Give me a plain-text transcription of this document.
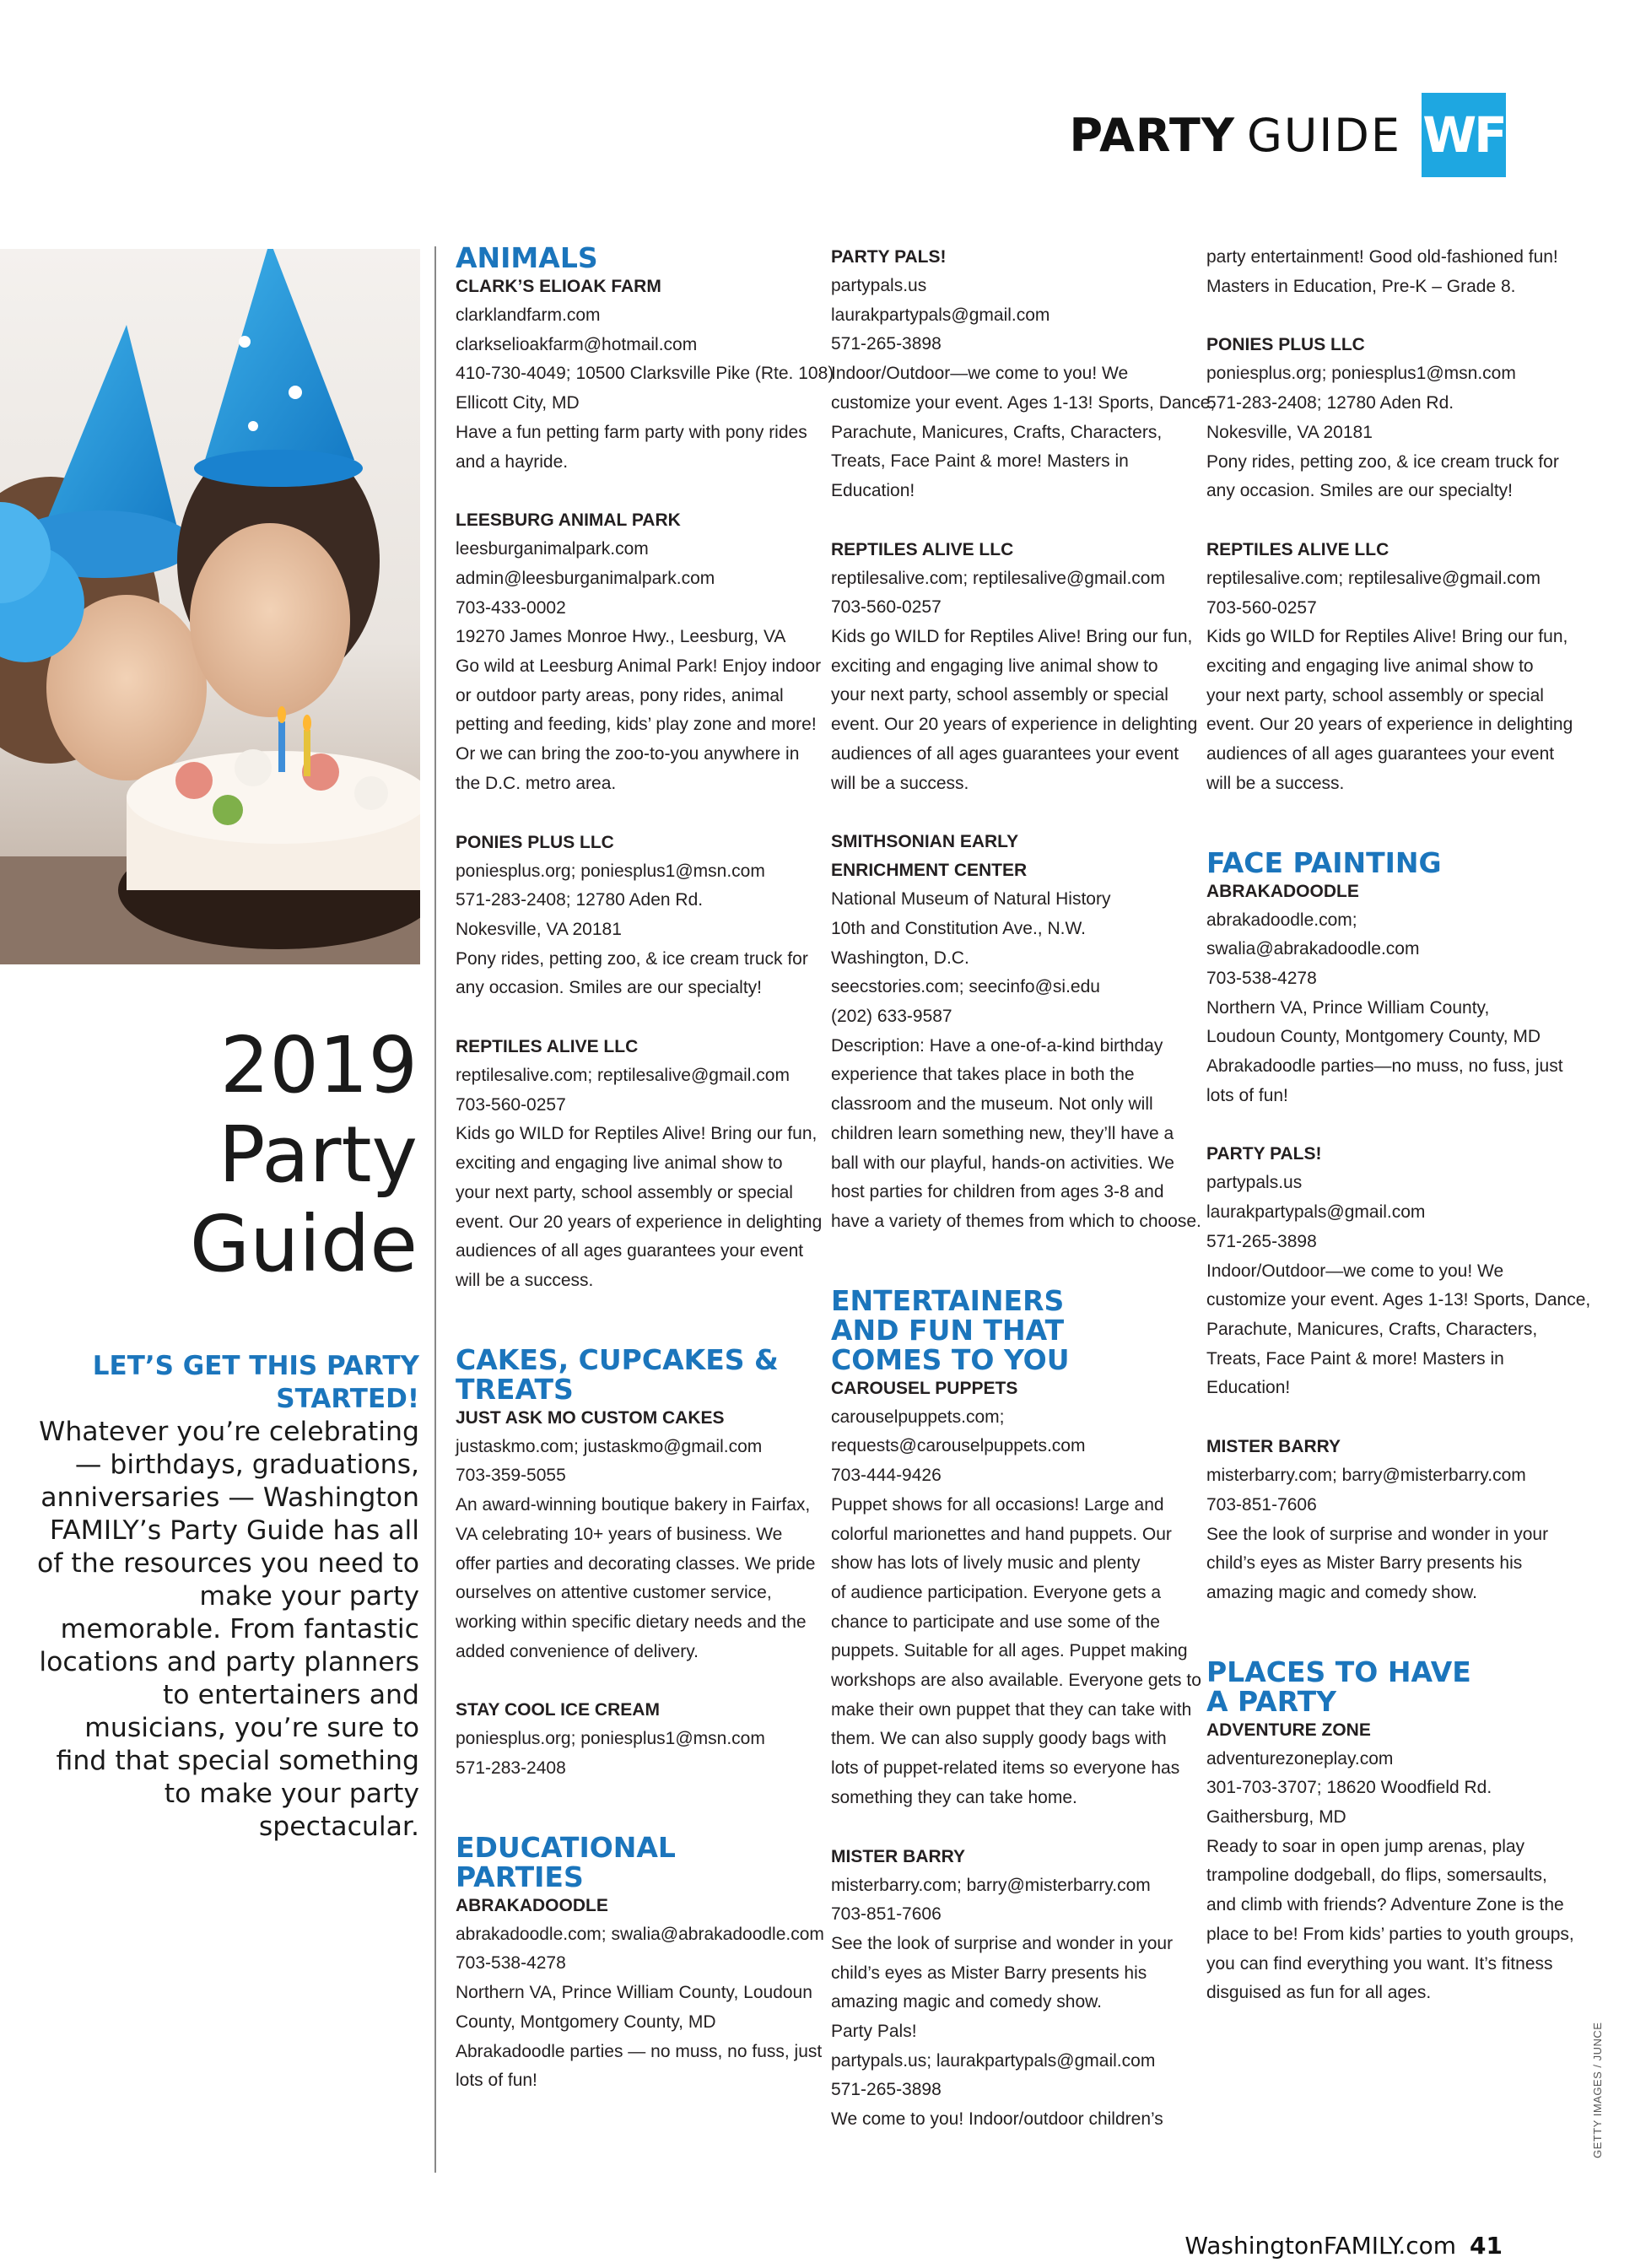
PARTY GUIDE WF
2019 Party Guide
LET’S GET THIS PARTY STARTED!
Whatever you’re celebrating — birthdays, graduations, anniversaries — Washington FAMILY’s Party Guide has all of the resources you need to make your party memorable. From fantastic locations and party planners to entertainers and musicians, you’re sure to find that special something to make your party spectacular.
ANIMALS
CLARK’S ELIOAK FARM
clarklandfarm.com
clarkselioakfarm@hotmail.com
410-730-4049; 10500 Clarksville Pike (Rte. 108)
Ellicott City, MD
Have a fun petting farm party with pony rides
and a hayride.
LEESBURG ANIMAL PARK
leesburganimalpark.com
admin@leesburganimalpark.com
703-433-0002
19270 James Monroe Hwy., Leesburg, VA
Go wild at Leesburg Animal Park! Enjoy indoor
or outdoor party areas, pony rides, animal
petting and feeding, kids’ play zone and more!
Or we can bring the zoo-to-you anywhere in
the D.C. metro area.
PONIES PLUS LLC
poniesplus.org; poniesplus1@msn.com
571-283-2408; 12780 Aden Rd.
Nokesville, VA 20181
Pony rides, petting zoo, & ice cream truck for
any occasion. Smiles are our specialty!
REPTILES ALIVE LLC
reptilesalive.com; reptilesalive@gmail.com
703-560-0257
Kids go WILD for Reptiles Alive! Bring our fun,
exciting and engaging live animal show to
your next party, school assembly or special
event. Our 20 years of experience in delighting
audiences of all ages guarantees your event
will be a success.
CAKES, CUPCAKES & TREATS
JUST ASK MO CUSTOM CAKES
justaskmo.com; justaskmo@gmail.com
703-359-5055
An award-winning boutique bakery in Fairfax,
VA celebrating 10+ years of business. We
offer parties and decorating classes. We pride
ourselves on attentive customer service,
working within specific dietary needs and the
added convenience of delivery.
STAY COOL ICE CREAM
poniesplus.org; poniesplus1@msn.com
571-283-2408
EDUCATIONAL PARTIES
ABRAKADOODLE
abrakadoodle.com; swalia@abrakadoodle.com
703-538-4278
Northern VA, Prince William County, Loudoun
County, Montgomery County, MD
Abrakadoodle parties — no muss, no fuss, just
lots of fun!
PARTY PALS!
partypals.us
laurakpartypals@gmail.com
571-265-3898
Indoor/Outdoor—we come to you! We
customize your event. Ages 1-13! Sports, Dance,
Parachute, Manicures, Crafts, Characters,
Treats, Face Paint & more! Masters in
Education!
REPTILES ALIVE LLC
reptilesalive.com; reptilesalive@gmail.com
703-560-0257
Kids go WILD for Reptiles Alive! Bring our fun,
exciting and engaging live animal show to
your next party, school assembly or special
event. Our 20 years of experience in delighting
audiences of all ages guarantees your event
will be a success.
SMITHSONIAN EARLY ENRICHMENT CENTER
National Museum of Natural History
10th and Constitution Ave., N.W.
Washington, D.C.
seecstories.com; seecinfo@si.edu
(202) 633-9587
Description: Have a one-of-a-kind birthday
experience that takes place in both the
classroom and the museum. Not only will
children learn something new, they’ll have a
ball with our playful, hands-on activities. We
host parties for children from ages 3-8 and
have a variety of themes from which to choose.
ENTERTAINERS AND FUN THAT COMES TO YOU
CAROUSEL PUPPETS
carouselpuppets.com;
requests@carouselpuppets.com
703-444-9426
Puppet shows for all occasions! Large and
colorful marionettes and hand puppets. Our
show has lots of lively music and plenty
of audience participation. Everyone gets a
chance to participate and use some of the
puppets. Suitable for all ages. Puppet making
workshops are also available. Everyone gets to
make their own puppet that they can take with
them. We can also supply goody bags with
lots of puppet-related items so everyone has
something they can take home.
MISTER BARRY
misterbarry.com; barry@misterbarry.com
703-851-7606
See the look of surprise and wonder in your
child’s eyes as Mister Barry presents his
amazing magic and comedy show.
Party Pals!
partypals.us; laurakpartypals@gmail.com
571-265-3898
We come to you! Indoor/outdoor children’s
party entertainment! Good old-fashioned fun!
Masters in Education, Pre-K – Grade 8.
PONIES PLUS LLC
poniesplus.org; poniesplus1@msn.com
571-283-2408; 12780 Aden Rd.
Nokesville, VA 20181
Pony rides, petting zoo, & ice cream truck for
any occasion. Smiles are our specialty!
REPTILES ALIVE LLC
reptilesalive.com; reptilesalive@gmail.com
703-560-0257
Kids go WILD for Reptiles Alive! Bring our fun,
exciting and engaging live animal show to
your next party, school assembly or special
event. Our 20 years of experience in delighting
audiences of all ages guarantees your event
will be a success.
FACE PAINTING
ABRAKADOODLE
abrakadoodle.com;
swalia@abrakadoodle.com
703-538-4278
Northern VA, Prince William County,
Loudoun County, Montgomery County, MD
Abrakadoodle parties—no muss, no fuss, just
lots of fun!
PARTY PALS!
partypals.us
laurakpartypals@gmail.com
571-265-3898
Indoor/Outdoor—we come to you! We
customize your event. Ages 1-13! Sports, Dance,
Parachute, Manicures, Crafts, Characters,
Treats, Face Paint & more! Masters in
Education!
MISTER BARRY
misterbarry.com; barry@misterbarry.com
703-851-7606
See the look of surprise and wonder in your
child’s eyes as Mister Barry presents his
amazing magic and comedy show.
PLACES TO HAVE A PARTY
ADVENTURE ZONE
adventurezoneplay.com
301-703-3707; 18620 Woodfield Rd.
Gaithersburg, MD
Ready to soar in open jump arenas, play
trampoline dodgeball, do flips, somersaults,
and climb with friends? Adventure Zone is the
place to be! From kids’ parties to youth groups,
you can find everything you want. It’s fitness
disguised as fun for all ages.
GETTY IMAGES / JUNCE
WashingtonFAMILY.com 41
